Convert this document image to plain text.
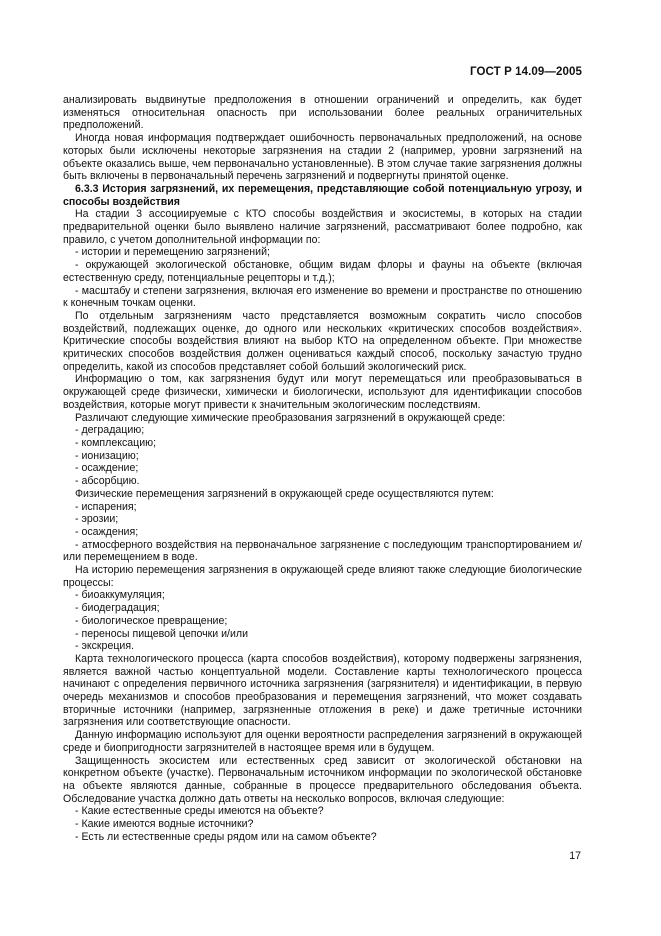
ГОСТ Р 14.09—2005

анализировать выдвинутые предположения в отношении ограничений и определить, как будет изменяться относительная опасность при использовании более реальных ограничительных предположений.

Иногда новая информация подтверждает ошибочность первоначальных предположений, на основе которых были исключены некоторые загрязнения на стадии 2 (например, уровни загрязнений на объекте оказались выше, чем первоначально установленные). В этом случае такие загрязнения должны быть включены в первоначальный перечень загрязнений и подвергнуты принятой оценке.

6.3.3 История загрязнений, их перемещения, представляющие собой потенциальную угрозу, и способы воздействия

На стадии 3 ассоциируемые с КТО способы воздействия и экосистемы, в которых на стадии предварительной оценки было выявлено наличие загрязнений, рассматривают более подробно, как правило, с учетом дополнительной информации по:

- истории и перемещению загрязнений;

- окружающей экологической обстановке, общим видам флоры и фауны на объекте (включая естественную среду, потенциальные рецепторы и т.д.);

- масштабу и степени загрязнения, включая его изменение во времени и пространстве по отношению к конечным точкам оценки.

По отдельным загрязнениям часто представляется возможным сократить число способов воздействий, подлежащих оценке, до одного или нескольких «критических способов воздействия». Критические способы воздействия влияют на выбор КТО на определенном объекте. При множестве критических способов воздействия должен оцениваться каждый способ, поскольку зачастую трудно определить, какой из способов представляет собой больший экологический риск.

Информацию о том, как загрязнения будут или могут перемещаться или преобразовываться в окружающей среде физически, химически и биологически, используют для идентификации способов воздействия, которые могут привести к значительным экологическим последствиям.

Различают следующие химические преобразования загрязнений в окружающей среде:

- деградацию;

- комплексацию;

- ионизацию;

- осаждение;

- абсорбцию.

Физические перемещения загрязнений в окружающей среде осуществляются путем:

- испарения;

- эрозии;

- осаждения;

- атмосферного воздействия на первоначальное загрязнение с последующим транспортированием и/или перемещением в воде.

На историю перемещения загрязнения в окружающей среде влияют также следующие биологические процессы:

- биоаккумуляция;

- биодеградация;

- биологическое превращение;

- переносы пищевой цепочки и/или

- экскреция.

Карта технологического процесса (карта способов воздействия), которому подвержены загрязнения, является важной частью концептуальной модели. Составление карты технологического процесса начинают с определения первичного источника загрязнения (загрязнителя) и идентификации, в первую очередь механизмов и способов преобразования и перемещения загрязнений, что может создавать вторичные источники (например, загрязненные отложения в реке) и даже третичные источники загрязнения или соответствующие опасности.

Данную информацию используют для оценки вероятности распределения загрязнений в окружающей среде и биопригодности загрязнителей в настоящее время или в будущем.

Защищенность экосистем или естественных сред зависит от экологической обстановки на конкретном объекте (участке). Первоначальным источником информации по экологической обстановке на объекте являются данные, собранные в процессе предварительного обследования объекта. Обследование участка должно дать ответы на несколько вопросов, включая следующие:

- Какие естественные среды имеются на объекте?

- Какие имеются водные источники?

- Есть ли естественные среды рядом или на самом объекте?

17
